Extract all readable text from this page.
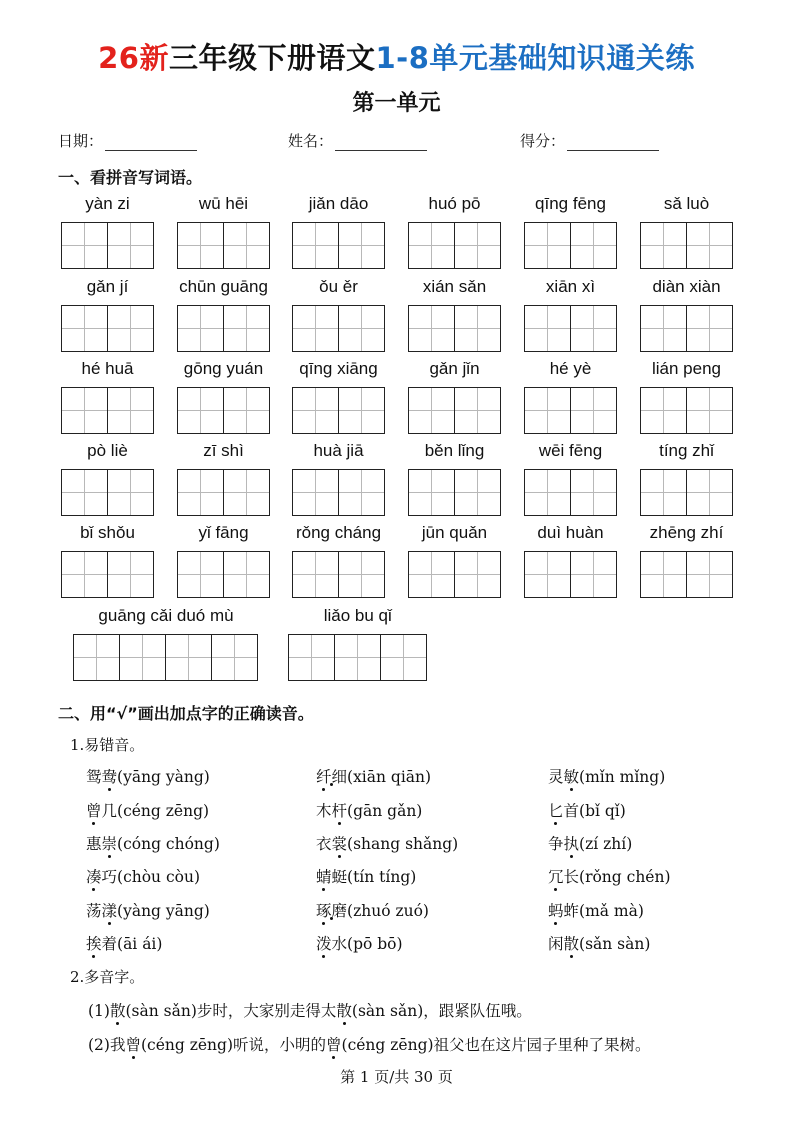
26新三年级下册语文1-8单元基础知识通关练
第一单元
日期：	姓名：	得分：
一、看拼音写词语。
yàn zi	wū hēi	jiǎn dāo	huó pō	qīng fēng	sǎ luò
gǎn jí	chūn guāng	ǒu ěr	xián sǎn	xiān xì	diàn xiàn
hé huā	gōng yuán	qīng xiāng	gǎn jǐn	hé yè	lián peng
pò liè	zī shì	huà jiā	běn lǐng	wēi fēng	tíng zhǐ
bǐ shǒu	yǐ fāng	rǒng cháng	jūn quǎn	duì huàn	zhēng zhí
guāng cǎi duó mù	liǎo bu qǐ
二、用“√”画出加点字的正确读音。
1.易错音。
鸳鸯(yāng yàng)	纤细(xiān qiān)	灵敏(mǐn mǐng)
曾几(céng zēng)	木杆(gān gǎn)	匕首(bǐ qǐ)
惠崇(cóng chóng)	衣裳(shang shǎng)	争执(zí zhí)
凑巧(chòu còu)	蜻蜓(tín tíng)	冗长(rǒng chén)
荡漾(yàng yāng)	琢磨(zhuó zuó)	蚂蚱(mǎ mà)
挨着(āi ái)	泼水(pō bō)	闲散(sǎn sàn)
2.多音字。
(1)散(sàn sǎn)步时，大家别走得太散(sàn sǎn)，跟紧队伍哦。
(2)我曾(céng zēng)听说，小明的曾(céng zēng)祖父也在这片园子里种了果树。
第 1 页/共 30 页
